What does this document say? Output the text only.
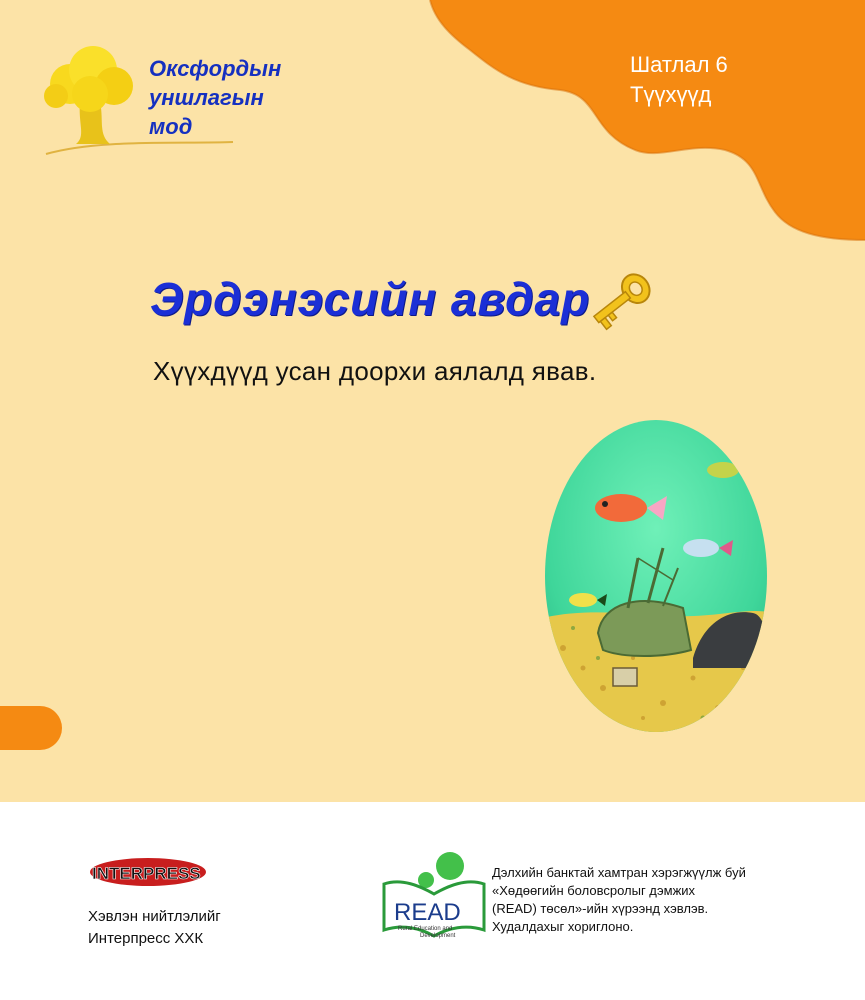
Оксфордын
уншлагын
мод

Шатлал 6
Түүхүүд
Эрдэнэсийн авдар

Хүүхдүүд усан доорхи аялалд явав.

INTERPRESS
Хэвлэн нийтлэлийг
Интерпресс ХХК
READ
Rural Education and
Development
Дэлхийн банктай хамтран хэрэгжүүлж буй
«Хөдөөгийн боловсролыг дэмжих
(READ) төсөл»-ийн хүрээнд хэвлэв.
Худалдахыг хориглоно.
